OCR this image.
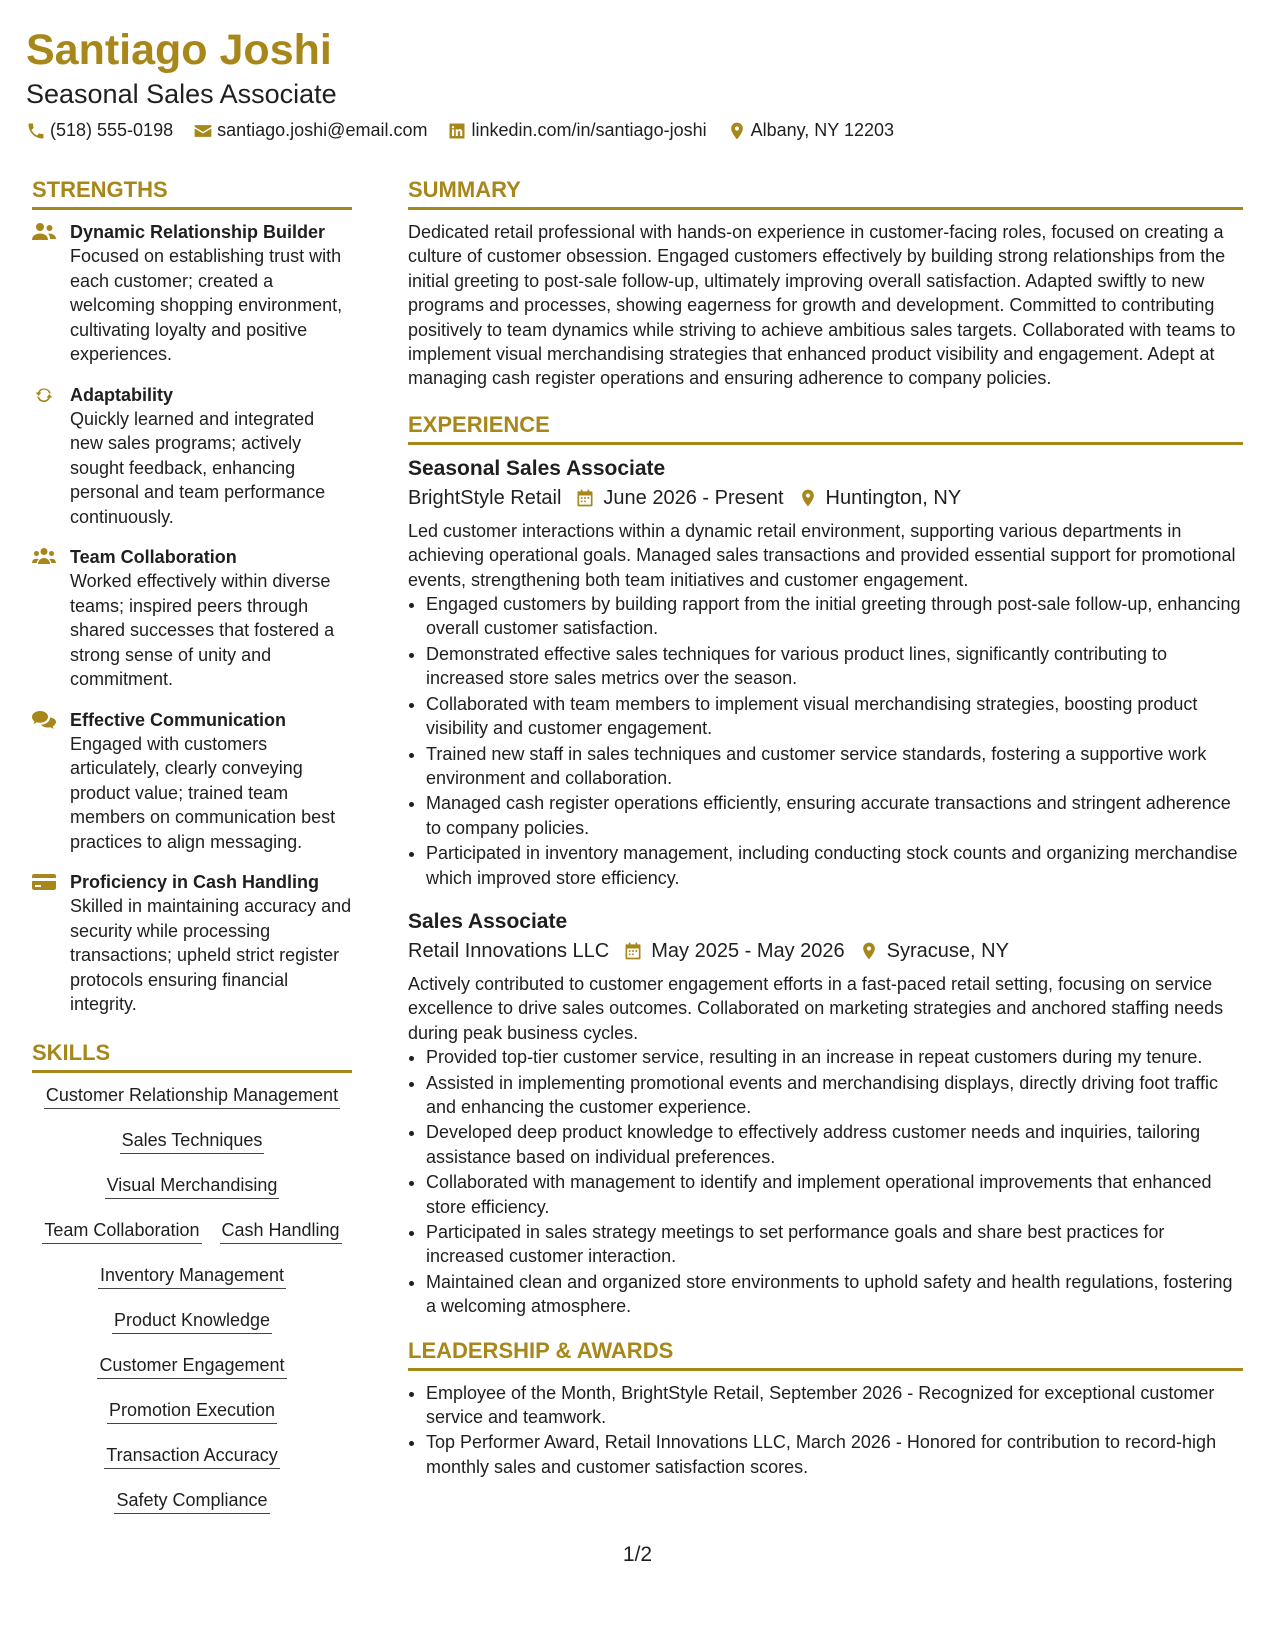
Santiago Joshi
Seasonal Sales Associate
(518) 555-0198 santiago.joshi@email.com linkedin.com/in/santiago-joshi Albany, NY 12203
STRENGTHS
Dynamic Relationship Builder
Focused on establishing trust with each customer; created a welcoming shopping environment, cultivating loyalty and positive experiences.
Adaptability
Quickly learned and integrated new sales programs; actively sought feedback, enhancing personal and team performance continuously.
Team Collaboration
Worked effectively within diverse teams; inspired peers through shared successes that fostered a strong sense of unity and commitment.
Effective Communication
Engaged with customers articulately, clearly conveying product value; trained team members on communication best practices to align messaging.
Proficiency in Cash Handling
Skilled in maintaining accuracy and security while processing transactions; upheld strict register protocols ensuring financial integrity.
SKILLS
Customer Relationship Management
Sales Techniques
Visual Merchandising
Team Collaboration Cash Handling
Inventory Management
Product Knowledge
Customer Engagement
Promotion Execution
Transaction Accuracy
Safety Compliance
SUMMARY

Dedicated retail professional with hands-on experience in customer-facing roles, focused on creating a culture of customer obsession. Engaged customers effectively by building strong relationships from the initial greeting to post-sale follow-up, ultimately improving overall satisfaction. Adapted swiftly to new programs and processes, showing eagerness for growth and development. Committed to contributing positively to team dynamics while striving to achieve ambitious sales targets. Collaborated with teams to implement visual merchandising strategies that enhanced product visibility and engagement. Adept at managing cash register operations and ensuring adherence to company policies.

EXPERIENCE
Seasonal Sales Associate
BrightStyle Retail June 2026 - Present Huntington, NY

Led customer interactions within a dynamic retail environment, supporting various departments in achieving operational goals. Managed sales transactions and provided essential support for promotional events, strengthening both team initiatives and customer engagement.

• Engaged customers by building rapport from the initial greeting through post-sale follow-up, enhancing overall customer satisfaction.
• Demonstrated effective sales techniques for various product lines, significantly contributing to increased store sales metrics over the season.
• Collaborated with team members to implement visual merchandising strategies, boosting product visibility and customer engagement.
• Trained new staff in sales techniques and customer service standards, fostering a supportive work environment and collaboration.
• Managed cash register operations efficiently, ensuring accurate transactions and stringent adherence to company policies.
• Participated in inventory management, including conducting stock counts and organizing merchandise which improved store efficiency.
Sales Associate
Retail Innovations LLC May 2025 - May 2026 Syracuse, NY

Actively contributed to customer engagement efforts in a fast-paced retail setting, focusing on service excellence to drive sales outcomes. Collaborated on marketing strategies and anchored staffing needs during peak business cycles.

• Provided top-tier customer service, resulting in an increase in repeat customers during my tenure.
• Assisted in implementing promotional events and merchandising displays, directly driving foot traffic and enhancing the customer experience.
• Developed deep product knowledge to effectively address customer needs and inquiries, tailoring assistance based on individual preferences.
• Collaborated with management to identify and implement operational improvements that enhanced store efficiency.
• Participated in sales strategy meetings to set performance goals and share best practices for increased customer interaction.
• Maintained clean and organized store environments to uphold safety and health regulations, fostering a welcoming atmosphere.
LEADERSHIP & AWARDS
• Employee of the Month, BrightStyle Retail, September 2026 - Recognized for exceptional customer service and teamwork.
• Top Performer Award, Retail Innovations LLC, March 2026 - Honored for contribution to record-high monthly sales and customer satisfaction scores.
1/2
